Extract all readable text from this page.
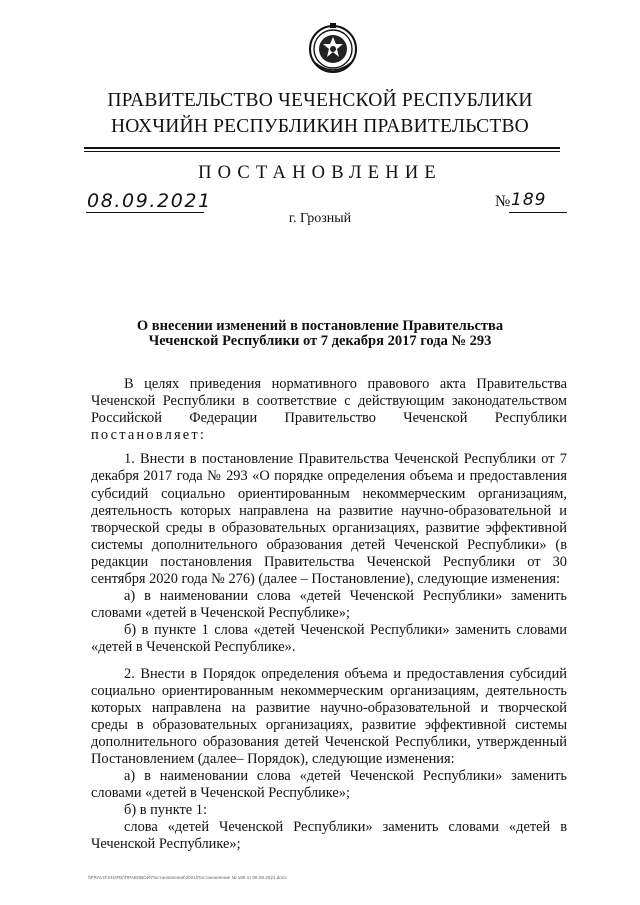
ПРАВИТЕЛЬСТВО ЧЕЧЕНСКОЙ РЕСПУБЛИКИ
НОХЧИЙН РЕСПУБЛИКИН ПРАВИТЕЛЬСТВО
ПОСТАНОВЛЕНИЕ
08.09.2021	№ 189
г. Грозный
О внесении изменений в постановление Правительства
Чеченской Республики от 7 декабря 2017 года № 293

В целях приведения нормативного правового акта Правительства Чеченской Республики в соответствие с действующим законодательством Российской Федерации Правительство Чеченской Республики постановляет:

1. Внести в постановление Правительства Чеченской Республики от 7 декабря 2017 года № 293 «О порядке определения объема и предоставления субсидий социально ориентированным некоммерческим организациям, деятельность которых направлена на развитие научно-образовательной и творческой среды в образовательных организациях, развитие эффективной системы дополнительного образования детей Чеченской Республики» (в редакции постановления Правительства Чеченской Республики от 30 сентября 2020 года № 276) (далее – Постановление), следующие изменения:

а) в наименовании слова «детей Чеченской Республики» заменить словами «детей в Чеченской Республике»;

б) в пункте 1 слова «детей Чеченской Республики» заменить словами «детей в Чеченской Республике».

2. Внести в Порядок определения объема и предоставления субсидий социально ориентированным некоммерческим организациям, деятельность которых направлена на развитие научно-образовательной и творческой среды в образовательных организациях, развитие эффективной системы дополнительного образования детей Чеченской Республики, утвержденный Постановлением (далее– Порядок), следующие изменения:

а) в наименовании слова «детей Чеченской Республики» заменить словами «детей в Чеченской Республике»;

б) в пункте 1:

слова «детей Чеченской Республики» заменить словами «детей в Чеченской Республике»;

\\PRAVO\SHARE\ПРАВОВОЙ\Постановления\2021\Постановление № 189 от 08.09.2021.docx
